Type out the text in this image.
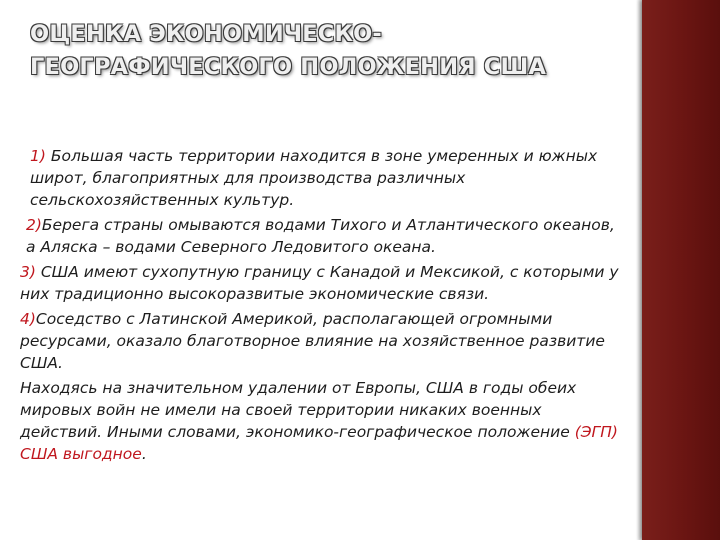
ОЦЕНКА ЭКОНОМИЧЕСКО-
ГЕОГРАФИЧЕСКОГО ПОЛОЖЕНИЯ США

1) Большая часть территории находится в зоне умеренных и южных широт, благоприятных для производства различных сельскохозяйственных культур.

2)Берега страны омываются водами Тихого и Атлантического океанов, а Аляска – водами Северного Ледовитого океана.

3) США имеют сухопутную границу с Канадой и Мексикой, с которыми у них традиционно высокоразвитые экономические связи.

4)Соседство с Латинской Америкой, располагающей огромными ресурсами, оказало благотворное влияние на хозяйственное развитие США.

Находясь на значительном удалении от Европы, США в годы обеих мировых войн не имели на своей территории никаких военных действий. Иными словами, экономико-географическое положение (ЭГП) США выгодное.
